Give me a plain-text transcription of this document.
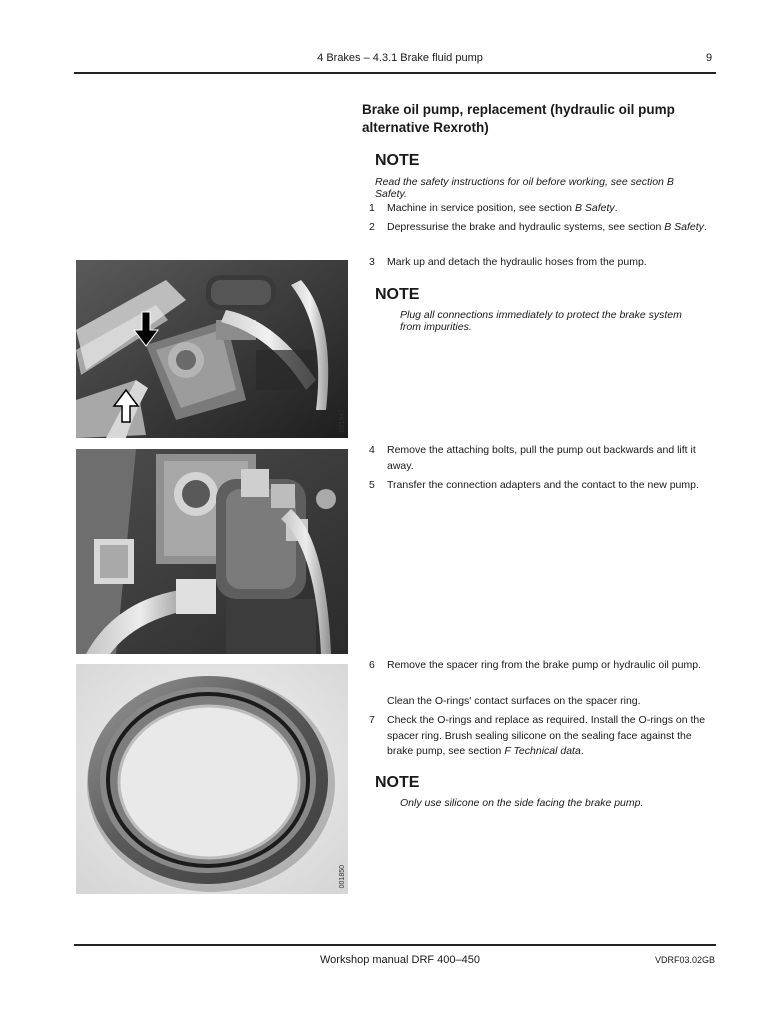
4 Brakes – 4.3.1 Brake fluid pump	9
Brake oil pump, replacement (hydraulic oil pump alternative Rexroth)
NOTE
Read the safety instructions for oil before working, see section B Safety.
1	Machine in service position, see section B Safety.
2	Depressurise the brake and hydraulic systems, see section B Safety.
3	Mark up and detach the hydraulic hoses from the pump.
NOTE
Plug all connections immediately to protect the brake system from impurities.
4	Remove the attaching bolts, pull the pump out backwards and lift it away.
5	Transfer the connection adapters and the contact to the new pump.
6	Remove the spacer ring from the brake pump or hydraulic oil pump.
Clean the O-rings' contact surfaces on the spacer ring.
7	Check the O-rings and replace as required. Install the O-rings on the spacer ring. Brush sealing silicone on the sealing face against the brake pump, see section F Technical data.
NOTE
Only use silicone on the side facing the brake pump.
001847
001848
001850
Workshop manual DRF 400–450	VDRF03.02GB
